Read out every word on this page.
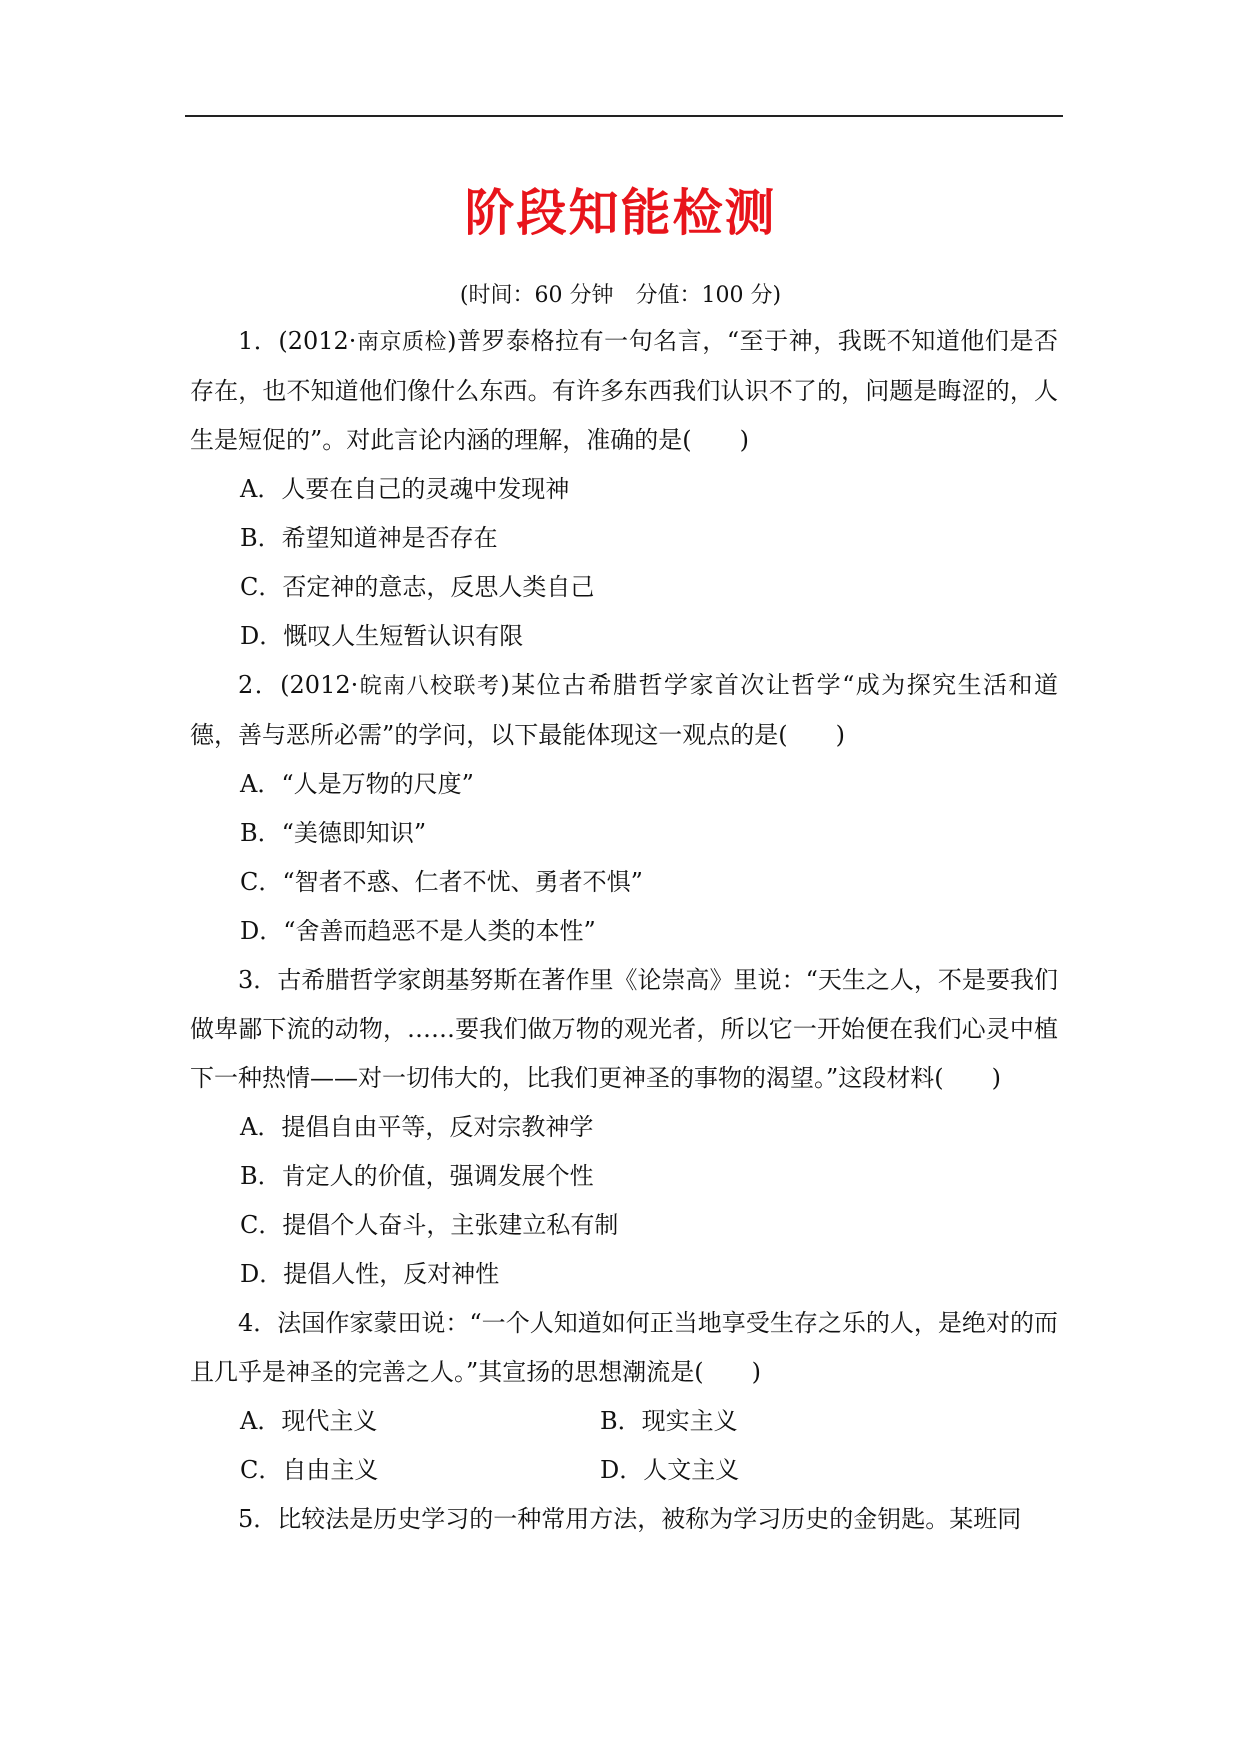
阶段知能检测
(时间：60 分钟　分值：100 分)

1．(2012·南京质检)普罗泰格拉有一句名言，“至于神，我既不知道他们是否存在，也不知道他们像什么东西。有许多东西我们认识不了的，问题是晦涩的，人生是短促的”。对此言论内涵的理解，准确的是(　　)

A．人要在自己的灵魂中发现神

B．希望知道神是否存在

C．否定神的意志，反思人类自己

D．慨叹人生短暂认识有限

2．(2012·皖南八校联考)某位古希腊哲学家首次让哲学“成为探究生活和道德，善与恶所必需”的学问，以下最能体现这一观点的是(　　)

A．“人是万物的尺度”

B．“美德即知识”

C．“智者不惑、仁者不忧、勇者不惧”

D．“舍善而趋恶不是人类的本性”

3．古希腊哲学家朗基努斯在著作里《论崇高》里说：“天生之人，不是要我们做卑鄙下流的动物，……要我们做万物的观光者，所以它一开始便在我们心灵中植下一种热情——对一切伟大的，比我们更神圣的事物的渴望。”这段材料(　　)

A．提倡自由平等，反对宗教神学

B．肯定人的价值，强调发展个性

C．提倡个人奋斗，主张建立私有制

D．提倡人性，反对神性

4．法国作家蒙田说：“一个人知道如何正当地享受生存之乐的人，是绝对的而且几乎是神圣的完善之人。”其宣扬的思想潮流是(　　)

A．现代主义	B．现实主义
C．自由主义	D．人文主义

5．比较法是历史学习的一种常用方法，被称为学习历史的金钥匙。某班同
